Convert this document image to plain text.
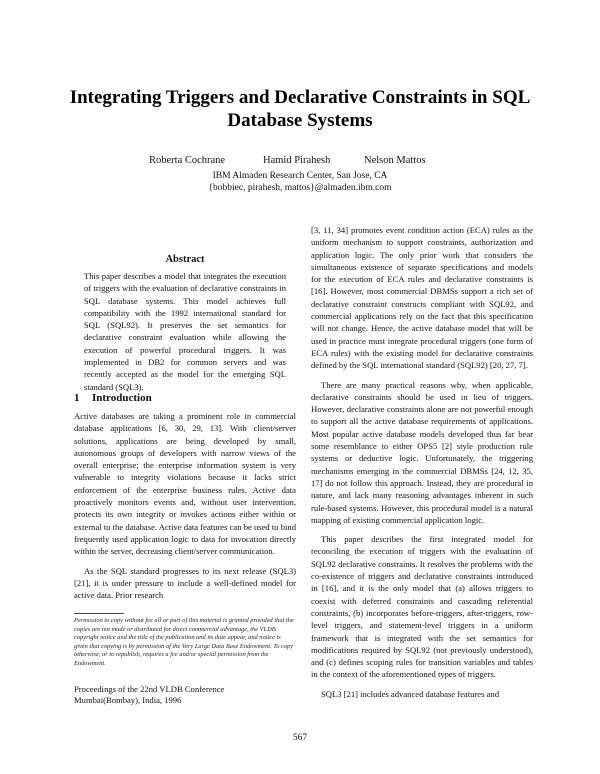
Integrating Triggers and Declarative Constraints in SQL Database Systems
Roberta Cochrane	Hamid Pirahesh	Nelson Mattos
IBM Almaden Research Center, San Jose, CA
{bobbiec, pirahesh, mattos}@almaden.ibm.com
Abstract

This paper describes a model that integrates the execution of triggers with the evaluation of declarative constraints in SQL database systems. This model achieves full compatibility with the 1992 international standard for SQL (SQL92). It preserves the set semantics for declarative constraint evaluation while allowing the execution of powerful procedural triggers. It was implemented in DB2 for common servers and was recently accepted as the model for the emerging SQL standard (SQL3).

1 Introduction

Active databases are taking a prominent role in commercial database applications [6, 30, 29, 13]. With client/server solutions, applications are being developed by small, autonomous groups of developers with narrow views of the overall enterprise; the enterprise information system is very vulnerable to integrity violations because it lacks strict enforcement of the enterprise business rules. Active data proactively monitors events and, without user intervention, protects its own integrity or invokes actions either within or external to the database. Active data features can be used to bind frequently used application logic to data for invocation directly within the server, decreasing client/server communication.

As the SQL standard progresses to its next release (SQL3)[21], it is under pressure to include a well-defined model for active data. Prior research

Permission to copy without fee all or part of this material is granted provided that the copies are not made or distributed for direct commercial advantage, the VLDB copyright notice and the title of the publication and its date appear, and notice is given that copying is by permission of the Very Large Data Base Endowment. To copy otherwise, or to republish, requires a fee and/or special permission from the Endowment.
Proceedings of the 22nd VLDB Conference
Mumbai(Bombay), India, 1996

[3, 11, 34] promotes event condition action (ECA) rules as the uniform mechanism to support constraints, authorization and application logic. The only prior work that considers the simultaneous existence of separate specifications and models for the execution of ECA rules and declarative constraints is [16]. However, most commercial DBMSs support a rich set of declarative constraint constructs compliant with SQL92, and commercial applications rely on the fact that this specification will not change. Hence, the active database model that will be used in practice must integrate procedural triggers (one form of ECA rules) with the existing model for declarative constraints defined by the SQL international standard (SQL92) [20, 27, 7].

There are many practical reasons why, when applicable, declarative constraints should be used in lieu of triggers. However, declarative constraints alone are not powerful enough to support all the active database requirements of applications. Most popular active database models developed thus far bear some resemblance to either OPS5 [2] style production rule systems or deductive logic. Unfortunately, the triggering mechanisms emerging in the commercial DBMSs [24, 12, 35, 17] do not follow this approach. Instead, they are procedural in nature, and lack many reasoning advantages inherent in such rule-based systems. However, this procedural model is a natural mapping of existing commercial application logic.

This paper describes the first integrated model for reconciling the execution of triggers with the evaluation of SQL92 declarative constraints. It resolves the problems with the co-existence of triggers and declarative constraints introduced in [16], and it is the only model that (a) allows triggers to coexist with deferred constraints and cascading referential constraints, (b) incorporates before-triggers, after-triggers, row-level triggers, and statement-level triggers in a uniform framework that is integrated with the set semantics for modifications required by SQL92 (not previously understood), and (c) defines scoping rules for transition variables and tables in the context of the aforementioned types of triggers.

SQL3 [21] includes advanced database features and

567
